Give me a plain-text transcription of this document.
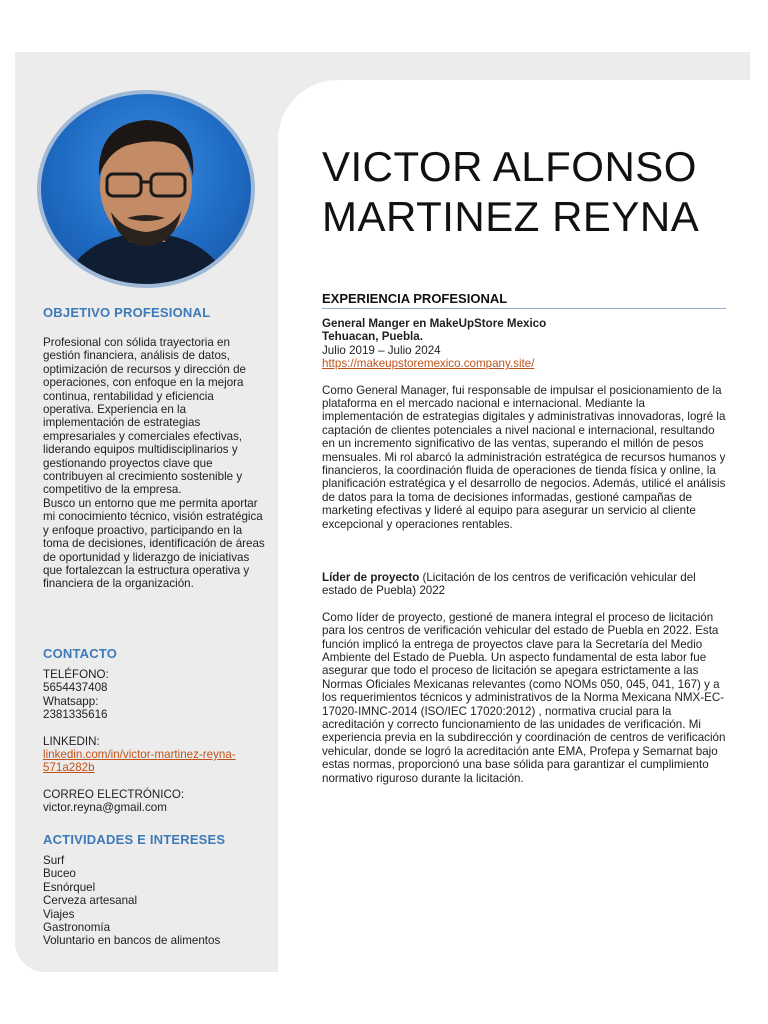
OBJETIVO PROFESIONAL

Profesional con sólida trayectoria en gestión financiera, análisis de datos, optimización de recursos y dirección de operaciones, con enfoque en la mejora continua, rentabilidad y eficiencia operativa. Experiencia en la implementación de estrategias empresariales y comerciales efectivas, liderando equipos multidisciplinarios y gestionando proyectos clave que contribuyen al crecimiento sostenible y competitivo de la empresa.

Busco un entorno que me permita aportar mi conocimiento técnico, visión estratégica y enfoque proactivo, participando en la toma de decisiones, identificación de áreas de oportunidad y liderazgo de iniciativas que fortalezcan la estructura operativa y financiera de la organización.

CONTACTO

TELÉFONO:

5654437408

Whatsapp:

2381335616

LINKEDIN:

linkedin.com/in/victor-martinez-reyna-
571a282b

CORREO ELECTRÓNICO:

victor.reyna@gmail.com

ACTIVIDADES E INTERESES

Surf

Buceo

Esnórquel

Cerveza artesanal

Viajes

Gastronomía

Voluntario en bancos de alimentos

VICTOR ALFONSO
MARTINEZ REYNA
EXPERIENCIA PROFESIONAL

General Manger en MakeUpStore Mexico

Tehuacan, Puebla.

Julio 2019 – Julio 2024

https://makeupstoremexico.company.site/

Como General Manager, fui responsable de impulsar el posicionamiento de la plataforma en el mercado nacional e internacional. Mediante la implementación de estrategias digitales y administrativas innovadoras, logré la captación de clientes potenciales a nivel nacional e internacional, resultando en un incremento significativo de las ventas, superando el millón de pesos mensuales. Mi rol abarcó la administración estratégica de recursos humanos y financieros, la coordinación fluida de operaciones de tienda física y online, la planificación estratégica y el desarrollo de negocios. Además, utilicé el análisis de datos para la toma de decisiones informadas, gestioné campañas de marketing efectivas y lideré al equipo para asegurar un servicio al cliente excepcional y operaciones rentables.

Líder de proyecto (Licitación de los centros de verificación vehicular del estado de Puebla) 2022

Como líder de proyecto, gestioné de manera integral el proceso de licitación para los centros de verificación vehicular del estado de Puebla en 2022. Esta función implicó la entrega de proyectos clave para la Secretaría del Medio Ambiente del Estado de Puebla. Un aspecto fundamental de esta labor fue asegurar que todo el proceso de licitación se apegara estrictamente a las Normas Oficiales Mexicanas relevantes (como NOMs 050, 045, 041, 167) y a los requerimientos técnicos y administrativos de la Norma Mexicana NMX-EC-17020-IMNC-2014 (ISO/IEC 17020:2012) , normativa crucial para la acreditación y correcto funcionamiento de las unidades de verificación. Mi experiencia previa en la subdirección y coordinación de centros de verificación vehicular, donde se logró la acreditación ante EMA, Profepa y Semarnat bajo estas normas, proporcionó una base sólida para garantizar el cumplimiento normativo riguroso durante la licitación.
